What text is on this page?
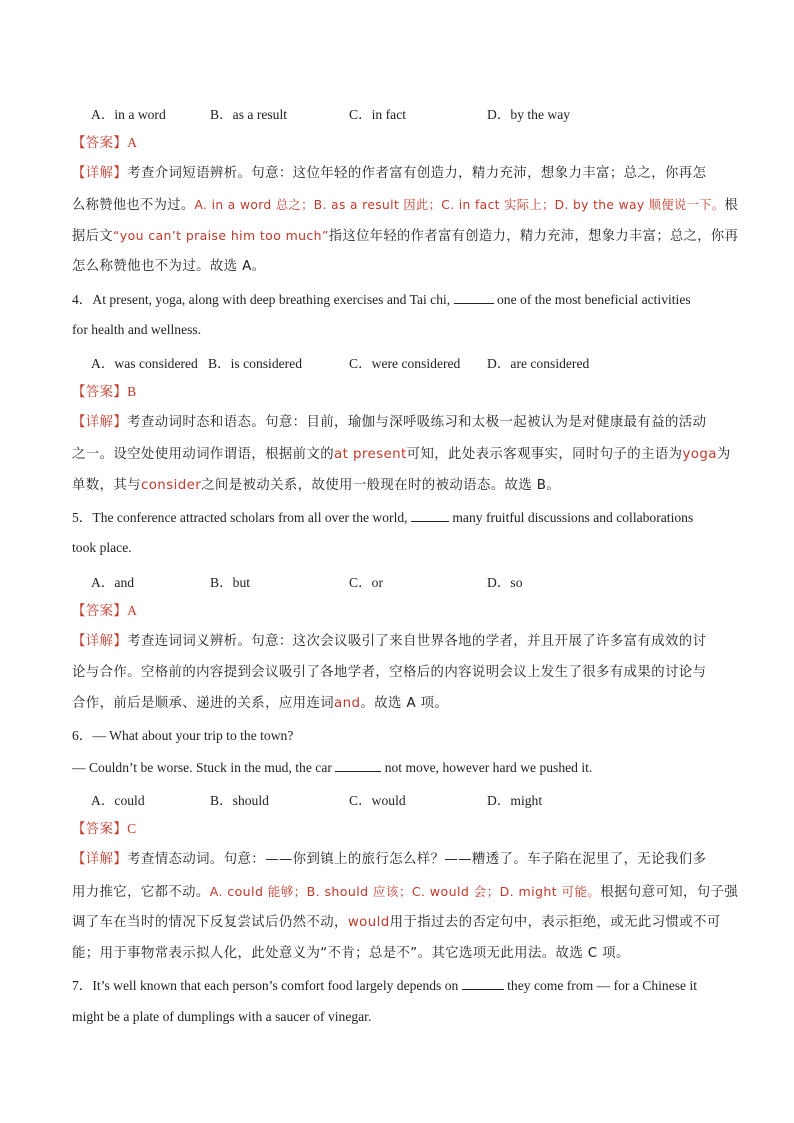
A．in a word	B．as a result	C．in fact	D．by the way
【答案】A
【详解】考查介词短语辨析。句意：这位年轻的作者富有创造力，精力充沛，想象力丰富；总之，你再怎
么称赞他也不为过。A. in a word 总之；B. as a result 因此；C. in fact 实际上；D. by the way 顺便说一下。根
据后文“you can’t praise him too much”指这位年轻的作者富有创造力，精力充沛，想象力丰富；总之，你再
怎么称赞他也不为过。故选 A。
4．At present, yoga, along with deep breathing exercises and Tai chi,	one of the most beneficial activities
for health and wellness.
A．was considered B．is considered	C．were considered D．are considered
【答案】B
【详解】考查动词时态和语态。句意：目前，瑜伽与深呼吸练习和太极一起被认为是对健康最有益的活动
之一。设空处使用动词作谓语，根据前文的at present可知，此处表示客观事实，同时句子的主语为yoga为
单数，其与consider之间是被动关系，故使用一般现在时的被动语态。故选 B。
5．The conference attracted scholars from all over the world,	many fruitful discussions and collaborations
took place.
A．and	B．but	C．or	D．so
【答案】A
【详解】考查连词词义辨析。句意：这次会议吸引了来自世界各地的学者，并且开展了许多富有成效的讨
论与合作。空格前的内容提到会议吸引了各地学者，空格后的内容说明会议上发生了很多有成果的讨论与
合作，前后是顺承、递进的关系，应用连词and。故选 A 项。
6．— What about your trip to the town?
— Couldn’t be worse. Stuck in the mud, the car	not move, however hard we pushed it.
A．could	B．should	C．would	D．might
【答案】C
【详解】考查情态动词。句意：——你到镇上的旅行怎么样？——糟透了。车子陷在泥里了，无论我们多
用力推它，它都不动。A. could 能够；B. should 应该；C. would 会；D. might 可能。根据句意可知，句子强
调了车在当时的情况下反复尝试后仍然不动，would用于指过去的否定句中，表示拒绝，或无此习惯或不可
能；用于事物常表示拟人化，此处意义为“不肯；总是不”。其它选项无此用法。故选 C 项。
7．It’s well known that each person’s comfort food largely depends on	they come from — for a Chinese it
might be a plate of dumplings with a saucer of vinegar.
